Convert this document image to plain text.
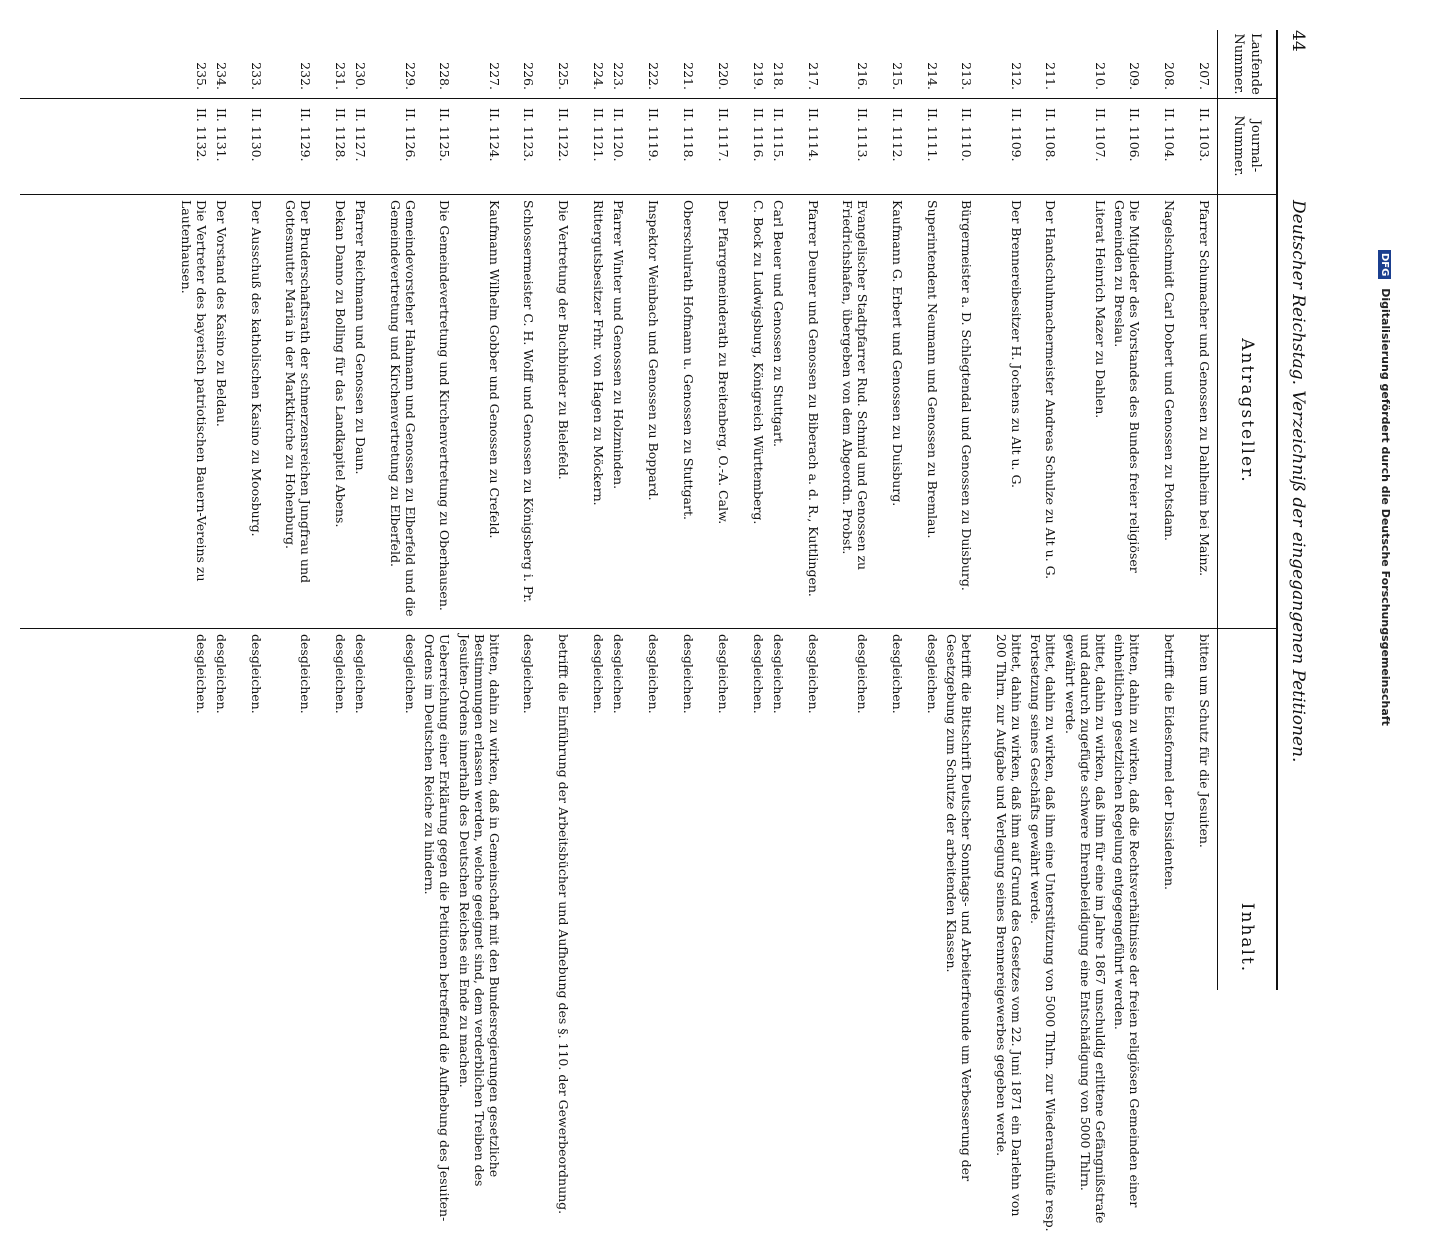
44
Deutscher Reichstag. Verzeichniß der eingegangenen Petitionen.
Laufende Nummer.
Journal-Nummer.
Antragsteller.
Inhalt.
207.
II. 1103.
Pfarrer Schumacher und Genossen zu Dahlheim bei Mainz.
bitten um Schutz für die Jesuiten.
208.
II. 1104.
Nagelschmidt Carl Dobert und Genossen zu Potsdam.
betrifft die Eidesformel der Dissidenten.
209.
II. 1106.
Die Mitglieder des Vorstandes des Bundes freier religiöser Gemeinden zu Breslau.
bitten, dahin zu wirken, daß die Rechtsverhältnisse der freien religiösen Gemeinden einer einheitlichen gesetzlichen Regelung entgegengeführt werden.
210.
II. 1107.
Literat Heinrich Mazer zu Dahlen.
bittet, dahin zu wirken, daß ihm für eine im Jahre 1867 unschuldig erlittene Gefängnißstrafe und dadurch zugefügte schwere Ehrenbeleidigung eine Entschädigung von 5000 Thlrn. gewährt werde.
211.
II. 1108.
Der Handschuhmachermeister Andreas Schulze zu Alt u. G.
bittet, dahin zu wirken, daß ihm eine Unterstützung von 5000 Thlrn. zur Wiederaufhülfe resp. Fortsetzung seines Geschäfts gewährt werde.
212.
II. 1109.
Der Brennereibesitzer H. Jochens zu Alt u. G.
bittet, dahin zu wirken, daß ihm auf Grund des Gesetzes vom 22. Juni 1871 ein Darlehn von 200 Thlrn. zur Aufgabe und Verlegung seines Brennereigewerbes gegeben werde.
213.
II. 1110.
Bürgermeister a. D. Schlegtendal und Genossen zu Duisburg.
betrifft die Bittschrift Deutscher Sonntags- und Arbeiterfreunde um Verbesserung der Gesetzgebung zum Schutze der arbeitenden Klassen.
214.
II. 1111.
Superintendent Neumann und Genossen zu Bremlau.
desgleichen.
215.
II. 1112.
Kaufmann G. Erbert und Genossen zu Duisburg.
desgleichen.
216.
II. 1113.
Evangelischer Stadtpfarrer Rud. Schmid und Genossen zu Friedrichshafen, übergeben von dem Abgeordn. Probst.
desgleichen.
217.
II. 1114.
Pfarrer Deuner und Genossen zu Biberach a. d. R., Kuttlingen.
desgleichen.
218.
II. 1115.
Carl Beuer und Genossen zu Stuttgart.
desgleichen.
219.
II. 1116.
C. Bock zu Ludwigsburg, Königreich Württemberg.
desgleichen.
220.
II. 1117.
Der Pfarrgemeinderath zu Breitenberg, O.-A. Calw.
desgleichen.
221.
II. 1118.
Oberschulrath Hofmann u. Genossen zu Stuttgart.
desgleichen.
222.
II. 1119.
Inspektor Weinbach und Genossen zu Boppard.
desgleichen.
223.
II. 1120.
Pfarrer Winter und Genossen zu Holzminden.
desgleichen.
224.
II. 1121.
Rittergutsbesitzer Frhr. von Hagen zu Möckern.
desgleichen.
225.
II. 1122.
Die Vertretung der Buchbinder zu Bielefeld.
betrifft die Einführung der Arbeitsbücher und Aufhebung des §. 110. der Gewerbeordnung.
226.
II. 1123.
Schlossermeister C. H. Wolff und Genossen zu Königsberg i. Pr.
desgleichen.
227.
II. 1124.
Kaufmann Wilhelm Gobber und Genossen zu Crefeld.
bitten, dahin zu wirken, daß in Gemeinschaft mit den Bundesregierungen gesetzliche Bestimmungen erlassen werden, welche geeignet sind, dem verderblichen Treiben des Jesuiten-Ordens innerhalb des Deutschen Reiches ein Ende zu machen.
228.
II. 1125.
Die Gemeindevertretung und Kirchenvertretung zu Oberhausen.
Ueberreichung einer Erklärung gegen die Petitionen betreffend die Aufhebung des Jesuiten-Ordens im Deutschen Reiche zu hindern.
229.
II. 1126.
Gemeindevorsteher Hahmann und Genossen zu Elberfeld und die Gemeindevertretung und Kirchenvertretung zu Elberfeld.
desgleichen.
230.
II. 1127.
Pfarrer Reichmann und Genossen zu Daun.
desgleichen.
231.
II. 1128.
Dekan Danno zu Bolling für das Landkapitel Abens.
desgleichen.
232.
II. 1129.
Der Bruderschaftsrath der schmerzensreichen Jungfrau und Gottesmutter Maria in der Marktkirche zu Hohenburg.
desgleichen.
233.
II. 1130.
Der Ausschuß des katholischen Kasino zu Moosburg.
desgleichen.
234.
II. 1131.
Der Vorstand des Kasino zu Beldau.
desgleichen.
235.
II. 1132.
Die Vertreter des bayerisch patriotischen Bauern-Vereins zu Lautenhausen.
desgleichen.
DFG Digitalisierung gefördert durch die Deutsche Forschungsgemeinschaft
